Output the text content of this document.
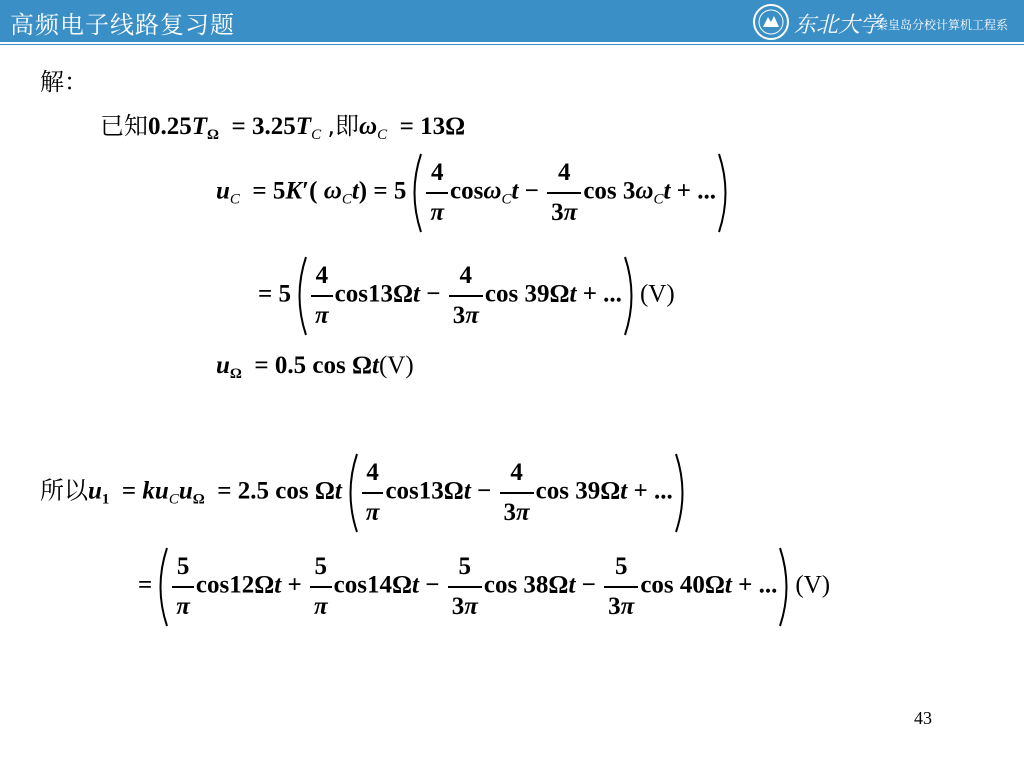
高频电子线路复习题	东北大学
秦皇岛分校计算机工程系
解：
已知$0.25T_\Omega = 3.25T_C$ ,即$\omega_C = 13\Omega$
$u_C = 5K'$( $\omega_Ct) = 5 \frac{4}{\pi} \cos\omega_Ct - \frac{4}{3\pi}$ $\cos 3\omega_Ct$ + ...
= $5 \frac{4}{\pi} \cos 13\Omega t - \frac{4}{3\pi}$ cos 39Ωt + ... (V)
$u_\Omega = 0.5$ cos Ωt(V)
所以$u_1 = ku_Cu_\Omega = 2.5$ cos Ωt $\frac{4}{\pi} \cos 13\Omega t - \frac{4}{3\pi}$ cos 39Ωt + ...
= $\frac{5}{\pi} \cos 12\Omega t + \frac{5}{\pi} \cos 14\Omega t - \frac{5}{3\pi}$ $\cos 38\Omega t - \frac{5}{3\pi}$ cos 40Ωt + ... (V)
43
